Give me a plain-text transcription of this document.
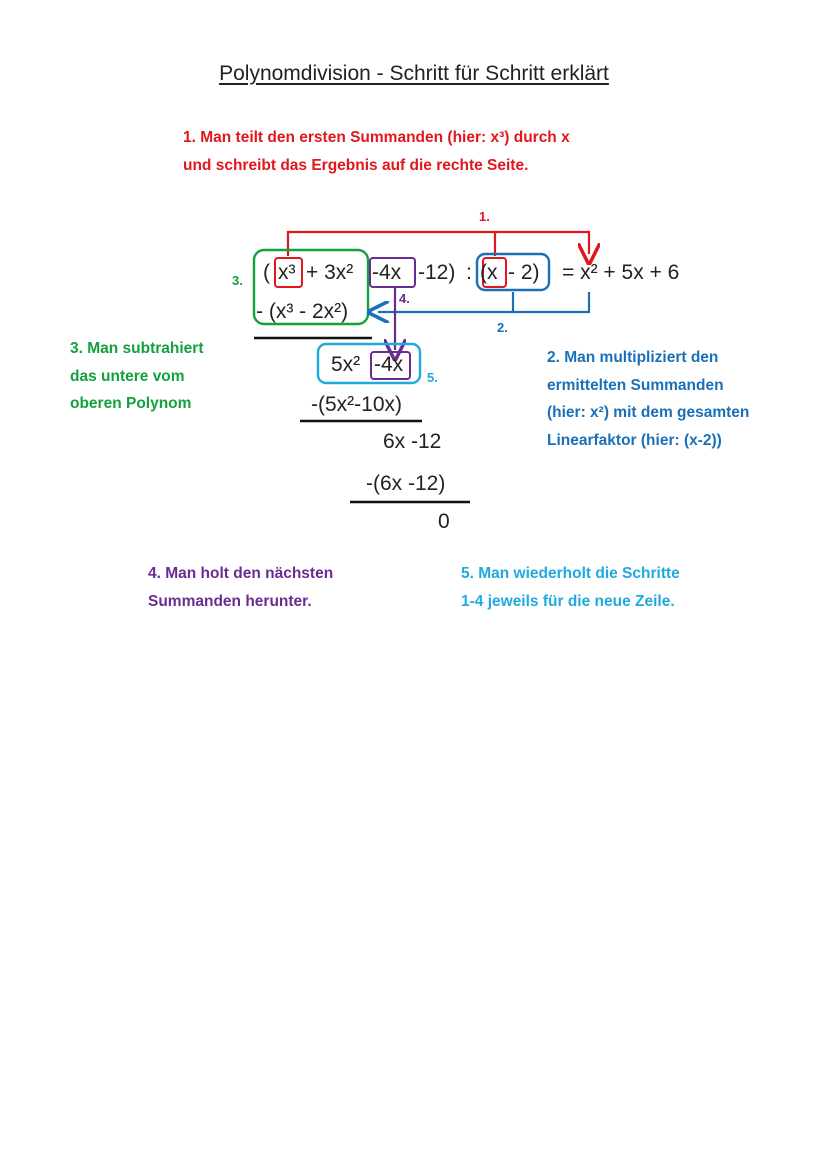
Polynomdivision - Schritt für Schritt erklärt
1. Man teilt den ersten Summanden (hier: x³) durch x
und schreibt das Ergebnis auf die rechte Seite.
2. Man multipliziert den
ermittelten Summanden
(hier: x²) mit dem gesamten
Linearfaktor (hier: (x-2))
3. Man subtrahiert
das untere vom
oberen Polynom
4. Man holt den nächsten
Summanden herunter.
5. Man wiederholt die Schritte
1-4 jeweils für die neue Zeile.
1.
2.
3.
4.
5.
( x³ + 3x² -4x -12) : ( x - 2) = x² + 5x + 6
- (x³ - 2x²)
5x² -4x
-(5x²-10x)
6x -12
-(6x -12)
0
